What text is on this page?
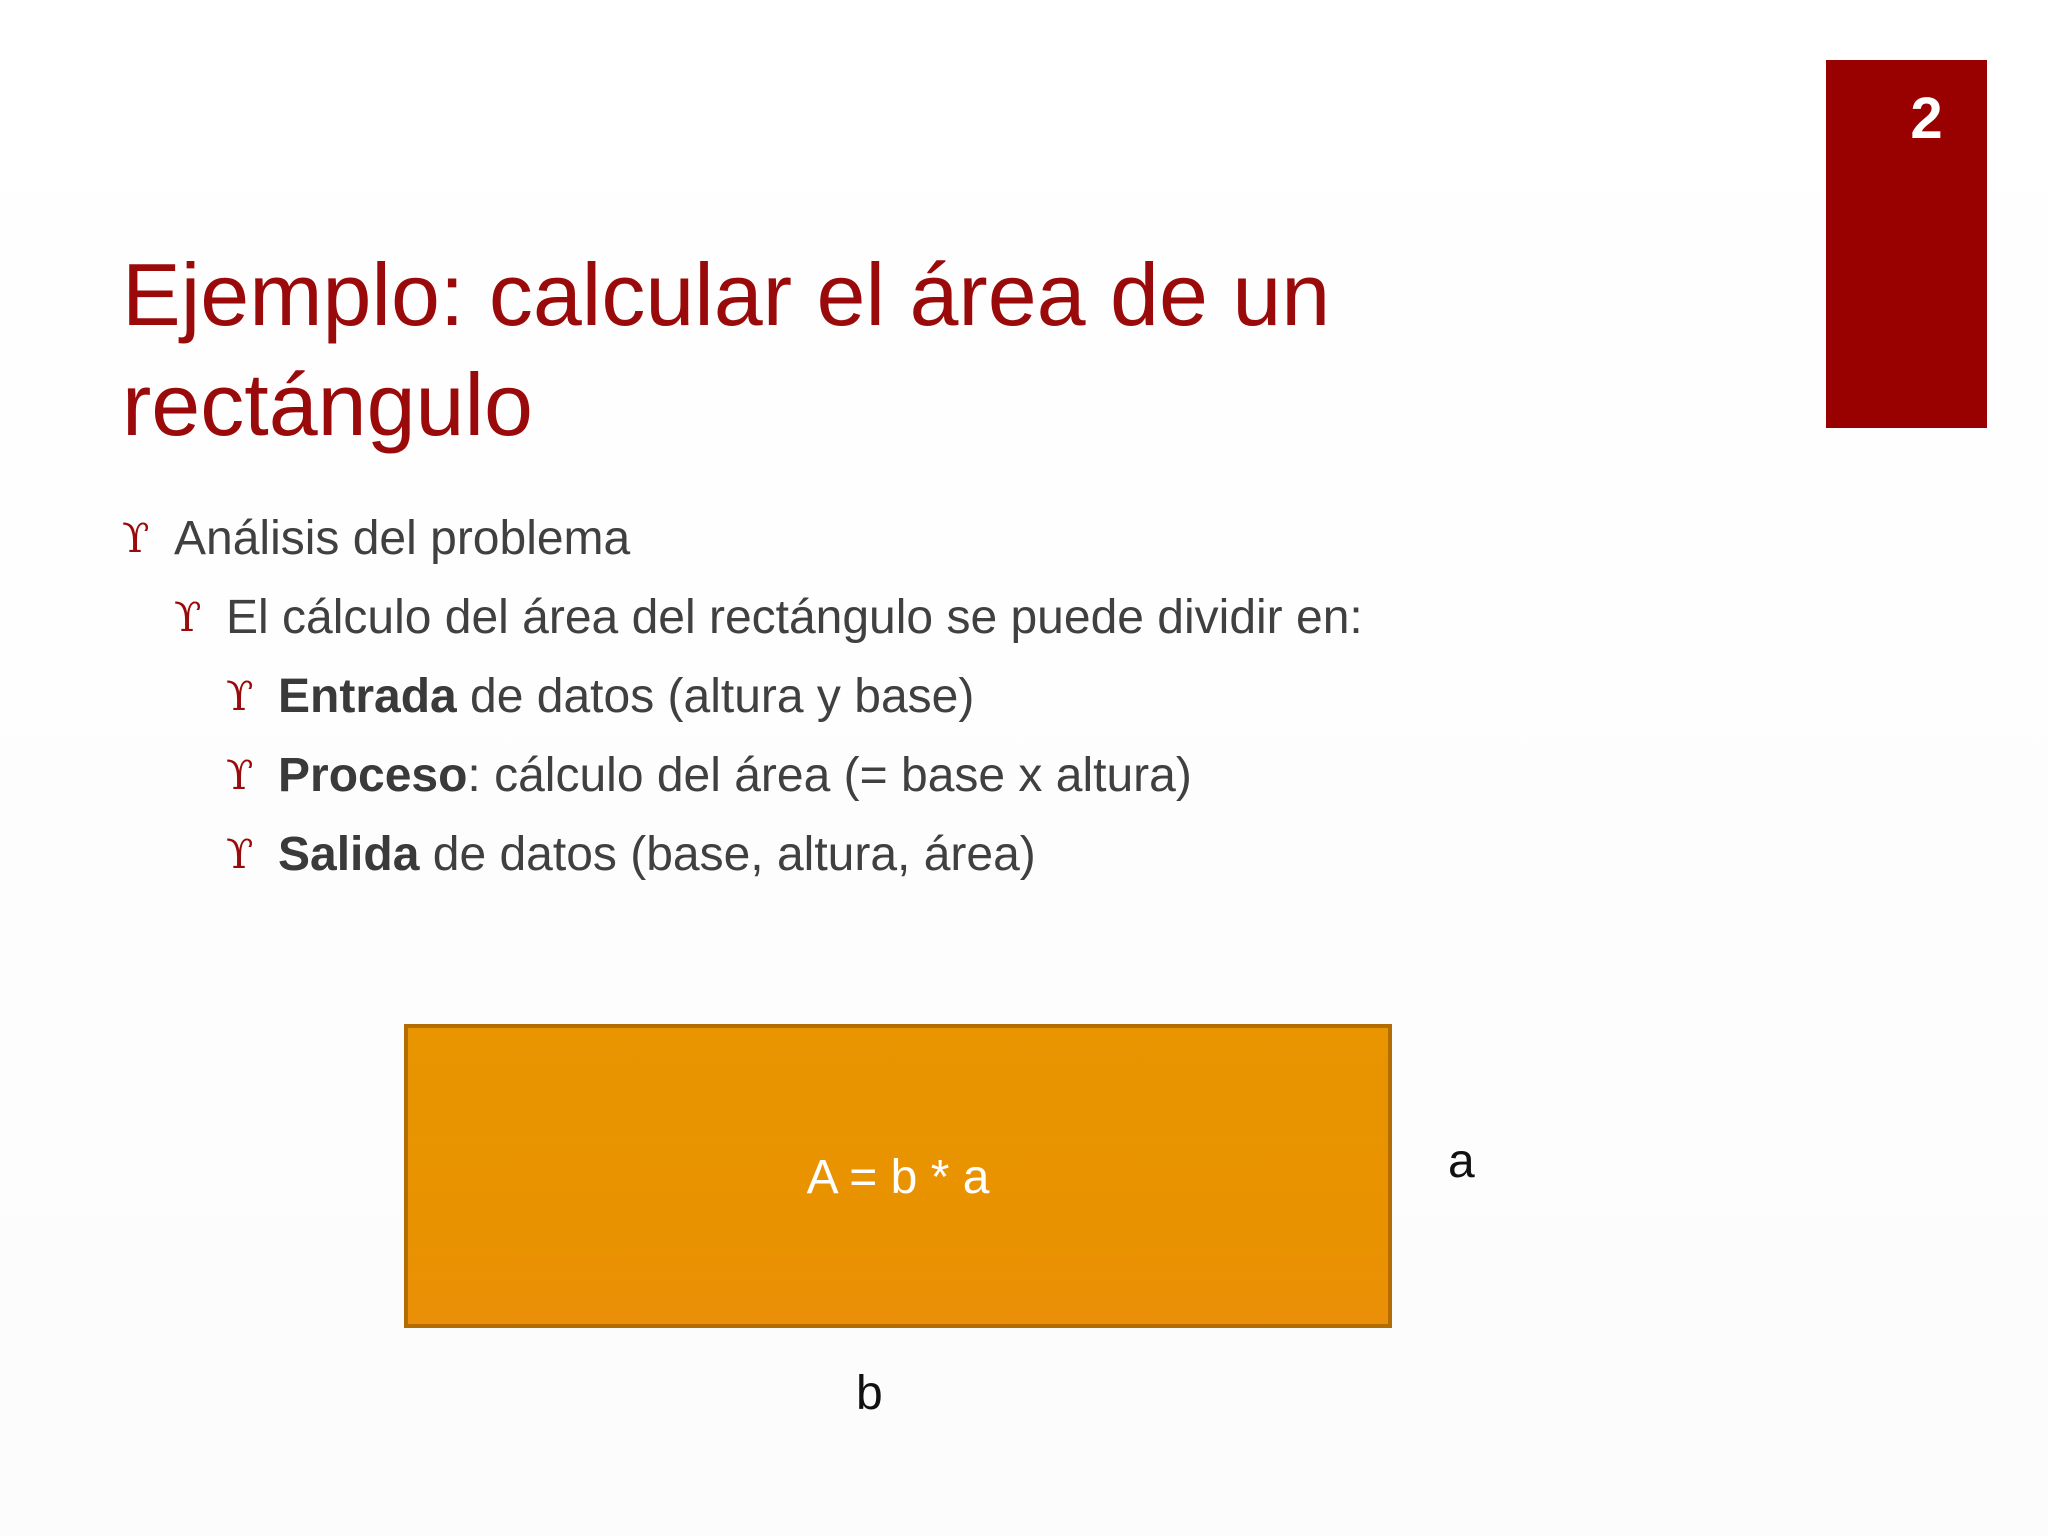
2
Ejemplo: calcular el área de un rectángulo
ϒ Análisis del problema
ϒ El cálculo del área del rectángulo se puede dividir en:
ϒ Entrada de datos (altura y base)
ϒ Proceso: cálculo del área (= base x altura)
ϒ Salida de datos (base, altura, área)
A = b * a	a
b
